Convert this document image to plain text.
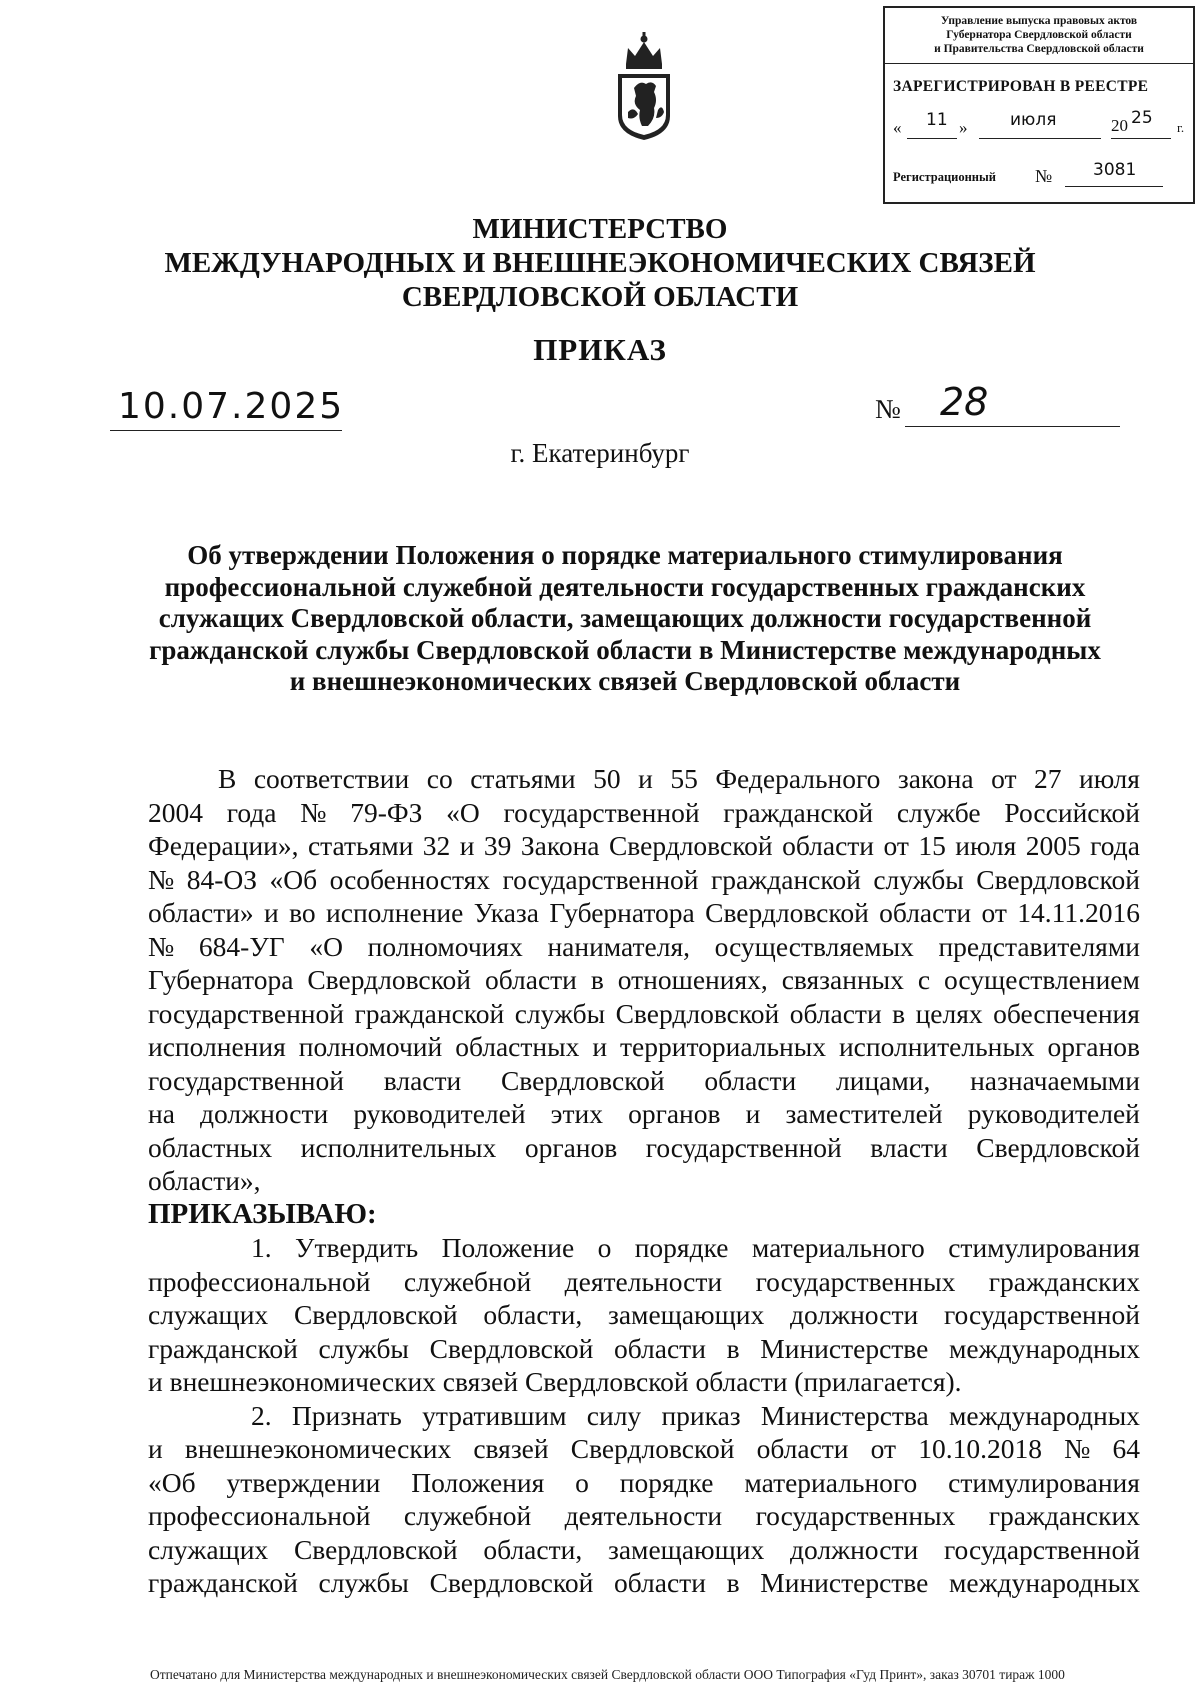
Управление выпуска правовых актов
Губернатора Свердловской области
и Правительства Свердловской области
ЗАРЕГИСТРИРОВАН В РЕЕСТРЕ
« 11 »	июля	20 25 г.
Регистрационный № 3081
МИНИСТЕРСТВО
МЕЖДУНАРОДНЫХ И ВНЕШНЕЭКОНОМИЧЕСКИХ СВЯЗЕЙ
СВЕРДЛОВСКОЙ ОБЛАСТИ
ПРИКАЗ
10.07.2025	№ 28
г. Екатеринбург
Об утверждении Положения о порядке материального стимулирования
профессиональной служебной деятельности государственных гражданских
служащих Свердловской области, замещающих должности государственной
гражданской службы Свердловской области в Министерстве международных
и внешнеэкономических связей Свердловской области
В соответствии со статьями 50 и 55 Федерального закона от 27 июля
2004 года № 79-ФЗ «О государственной гражданской службе Российской
Федерации», статьями 32 и 39 Закона Свердловской области от 15 июля 2005 года
№ 84-ОЗ «Об особенностях государственной гражданской службы Свердловской
области» и во исполнение Указа Губернатора Свердловской области от 14.11.2016
№ 684-УГ «О полномочиях нанимателя, осуществляемых представителями
Губернатора Свердловской области в отношениях, связанных с осуществлением
государственной гражданской службы Свердловской области в целях обеспечения
исполнения полномочий областных и территориальных исполнительных органов
государственной власти Свердловской области лицами, назначаемыми
на должности руководителей этих органов и заместителей руководителей
областных исполнительных органов государственной власти Свердловской
области»,
ПРИКАЗЫВАЮ:
1. Утвердить Положение о порядке материального стимулирования
профессиональной служебной деятельности государственных гражданских
служащих Свердловской области, замещающих должности государственной
гражданской службы Свердловской области в Министерстве международных
и внешнеэкономических связей Свердловской области (прилагается).
2. Признать утратившим силу приказ Министерства международных
и внешнеэкономических связей Свердловской области от 10.10.2018 № 64
«Об утверждении Положения о порядке материального стимулирования
профессиональной служебной деятельности государственных гражданских
служащих Свердловской области, замещающих должности государственной
гражданской службы Свердловской области в Министерстве международных
Отпечатано для Министерства международных и внешнеэкономических связей Свердловской области ООО Типография «Гуд Принт», заказ 30701 тираж 1000
